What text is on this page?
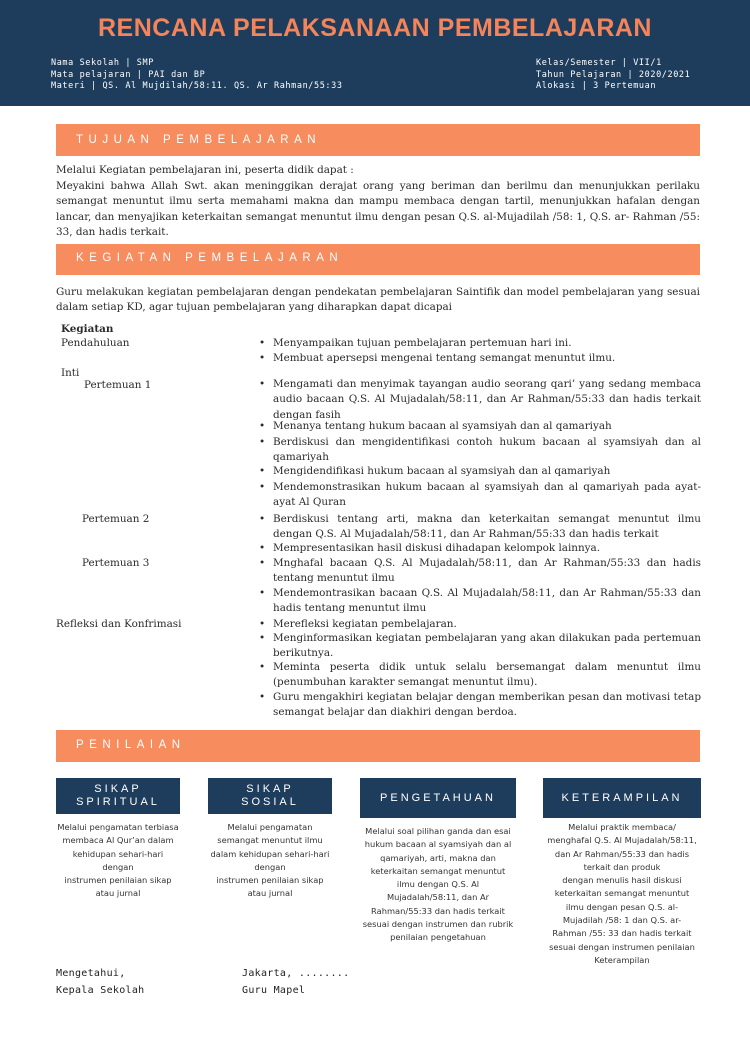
RENCANA PELAKSANAAN PEMBELAJARAN
Nama Sekolah | SMP
Mata pelajaran | PAI dan BP
Materi | QS. Al Mujdilah/58:11. QS. Ar Rahman/55:33
Kelas/Semester | VII/1
Tahun Pelajaran | 2020/2021
Alokasi | 3 Pertemuan
TUJUAN PEMBELAJARAN
Melalui Kegiatan pembelajaran ini, peserta didik dapat :
Meyakini bahwa Allah Swt. akan meninggikan derajat orang yang beriman dan berilmu dan menunjukkan perilaku semangat menuntut ilmu serta memahami makna dan mampu membaca dengan tartil, menunjukkan hafalan dengan lancar, dan menyajikan keterkaitan semangat menuntut ilmu dengan pesan Q.S. al-Mujadilah /58: 1, Q.S. ar- Rahman /55: 33, dan hadis terkait.
KEGIATAN PEMBELAJARAN
Guru melakukan kegiatan pembelajaran dengan pendekatan pembelajaran Saintifik dan model pembelajaran yang sesuai dalam setiap KD, agar tujuan pembelajaran yang diharapkan dapat dicapai
Kegiatan
Pendahuluan
Inti
Pertemuan 1
Pertemuan 2
Pertemuan 3
Refleksi dan Konfrimasi
• Menyampaikan tujuan pembelajaran pertemuan hari ini.
• Membuat apersepsi mengenai tentang semangat menuntut ilmu.
• Mengamati dan menyimak tayangan audio seorang qari’ yang sedang membaca audio bacaan Q.S. Al Mujadalah/58:11, dan Ar Rahman/55:33 dan hadis terkait dengan fasih
• Menanya tentang hukum bacaan al syamsiyah dan al qamariyah
• Berdiskusi dan mengidentifikasi contoh hukum bacaan al syamsiyah dan al qamariyah
• Mengidendifikasi hukum bacaan al syamsiyah dan al qamariyah
• Mendemonstrasikan hukum bacaan al syamsiyah dan al qamariyah pada ayat-ayat Al Quran
• Berdiskusi tentang arti, makna dan keterkaitan semangat menuntut ilmu dengan Q.S. Al Mujadalah/58:11, dan Ar Rahman/55:33 dan hadis terkait
• Mempresentasikan hasil diskusi dihadapan kelompok lainnya.
• Mnghafal bacaan Q.S. Al Mujadalah/58:11, dan Ar Rahman/55:33 dan hadis tentang menuntut ilmu
• Mendemontrasikan bacaan Q.S. Al Mujadalah/58:11, dan Ar Rahman/55:33 dan hadis tentang menuntut ilmu
• Merefleksi kegiatan pembelajaran.
• Menginformasikan kegiatan pembelajaran yang akan dilakukan pada pertemuan berikutnya.
• Meminta peserta didik untuk selalu bersemangat dalam menuntut ilmu (penumbuhan karakter semangat menuntut ilmu).
• Guru mengakhiri kegiatan belajar dengan memberikan pesan dan motivasi tetap semangat belajar dan diakhiri dengan berdoa.
PENILAIAN
SIKAP
SPIRITUAL
SIKAP
SOSIAL	PENGETAHUAN	KETERAMPILAN
Melalui pengamatan terbiasa
membaca Al Qur’an dalam
kehidupan sehari-hari
dengan
instrumen penilaian sikap
atau jurnal
Melalui pengamatan
semangat menuntut ilmu
dalam kehidupan sehari-hari
dengan
instrumen penilaian sikap
atau jurnal
Melalui soal pilihan ganda dan esai
hukum bacaan al syamsiyah dan al
qamariyah, arti, makna dan
keterkaitan semangat menuntut
ilmu dengan Q.S. Al
Mujadalah/58:11, dan Ar
Rahman/55:33 dan hadis terkait
sesuai dengan instrumen dan rubrik
penilaian pengetahuan
Melalui praktik membaca/
menghafal Q.S. Al Mujadalah/58:11,
dan Ar Rahman/55:33 dan hadis
terkait dan produk
dengan menulis hasil diskusi
keterkaitan semangat menuntut
ilmu dengan pesan Q.S. al-
Mujadilah /58: 1 dan Q.S. ar-
Rahman /55: 33 dan hadis terkait
sesuai dengan instrumen penilaian
Keterampilan
Mengetahui,
Kepala Sekolah
Jakarta, ........
Guru Mapel
